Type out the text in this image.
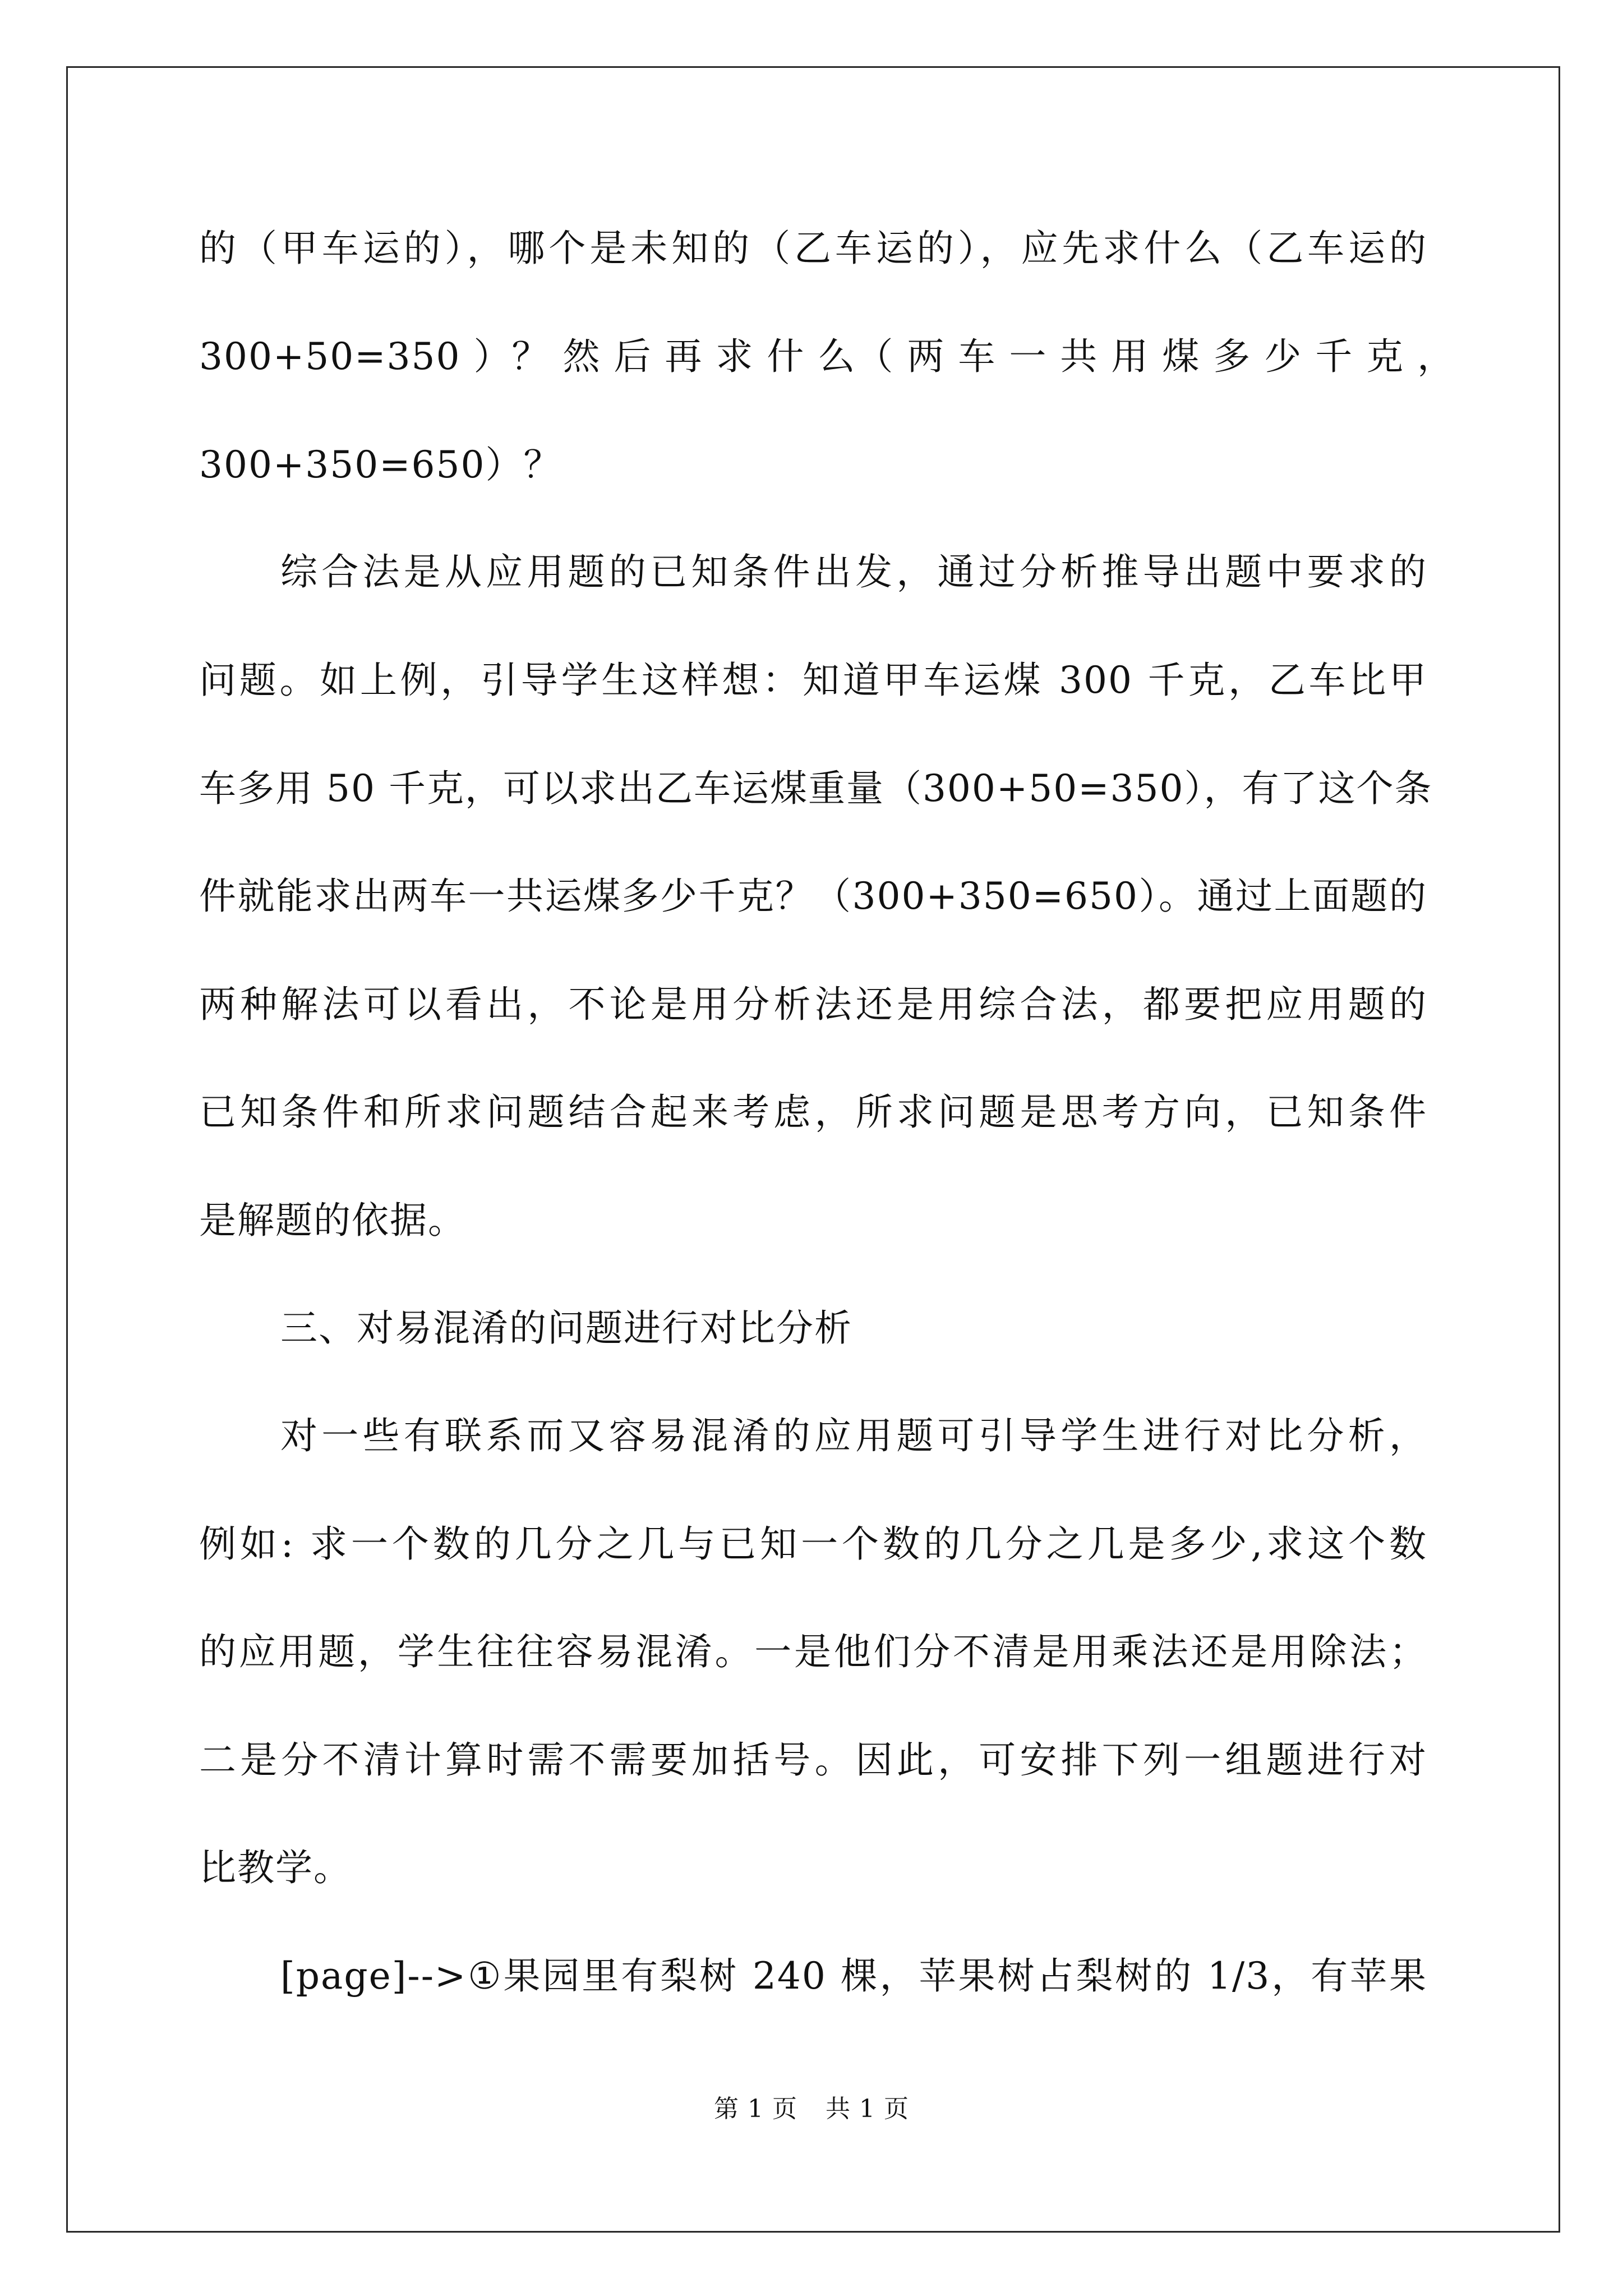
的（甲车运的），哪个是未知的（乙车运的），应先求什么（乙车运的
300+50=350 ）？ 然 后 再 求 什 么（ 两 车 一 共 用 煤 多 少 千 克 ，
300+350=650）？
综合法是从应用题的已知条件出发，通过分析推导出题中要求的
问题。如上例，引导学生这样想：知道甲车运煤 300 千克，乙车比甲
车多用 50 千克，可以求出乙车运煤重量（300+50=350），有了这个条
件就能求出两车一共运煤多少千克？（300+350=650）。通过上面题的
两种解法可以看出，不论是用分析法还是用综合法，都要把应用题的
已知条件和所求问题结合起来考虑，所求问题是思考方向，已知条件
是解题的依据。
三、对易混淆的问题进行对比分析
对一些有联系而又容易混淆的应用题可引导学生进行对比分析，
例如: 求一个数的几分之几与已知一个数的几分之几是多少,求这个数
的应用题，学生往往容易混淆。一是他们分不清是用乘法还是用除法；
二是分不清计算时需不需要加括号。因此，可安排下列一组题进行对
比教学。
[page]-->①果园里有梨树 240 棵，苹果树占梨树的 1/3，有苹果
第 1 页 共 1 页
